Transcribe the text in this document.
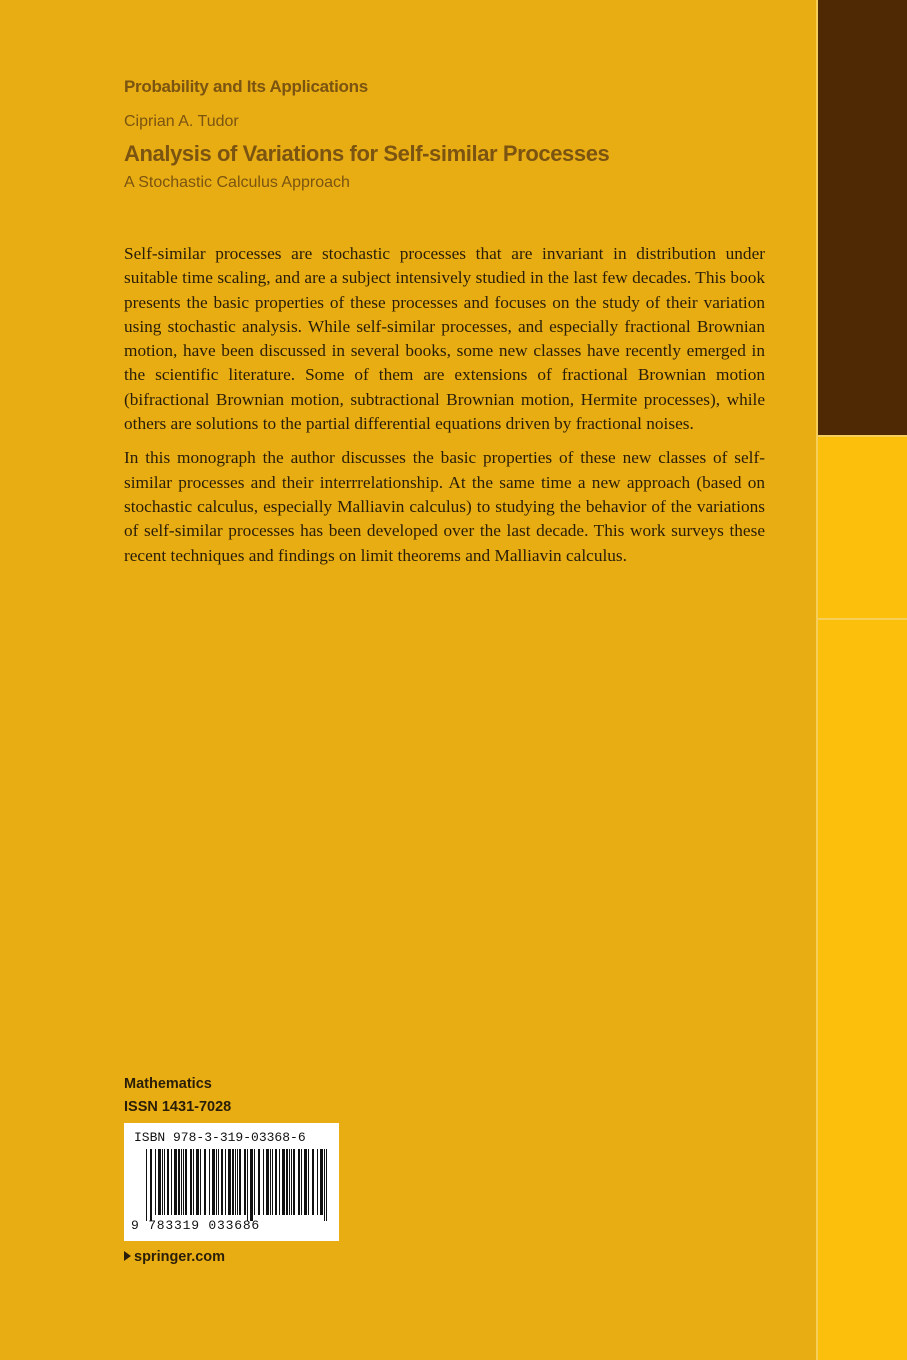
Probability and Its Applications
Ciprian A. Tudor
Analysis of Variations for Self-similar Processes
A Stochastic Calculus Approach

Self-similar processes are stochastic processes that are invariant in distribution under suitable time scaling, and are a subject intensively studied in the last few decades. This book presents the basic properties of these processes and focuses on the study of their variation using stochastic analysis. While self-similar processes, and especially fractional Brownian motion, have been discussed in several books, some new classes have recently emerged in the scientific literature. Some of them are extensions of fractional Brownian motion (bifractional Brownian motion, subtractional Brownian motion, Hermite processes), while others are solutions to the partial differential equations driven by fractional noises.

In this monograph the author discusses the basic properties of these new classes of self-similar processes and their interrrelationship. At the same time a new approach (based on stochastic calculus, especially Malliavin calculus) to studying the behavior of the variations of self-similar processes has been developed over the last decade. This work surveys these recent techniques and findings on limit theorems and Malliavin calculus.

Mathematics
ISSN 1431-7028
ISBN 978-3-319-03368-6
9 783319 033686
springer.com
